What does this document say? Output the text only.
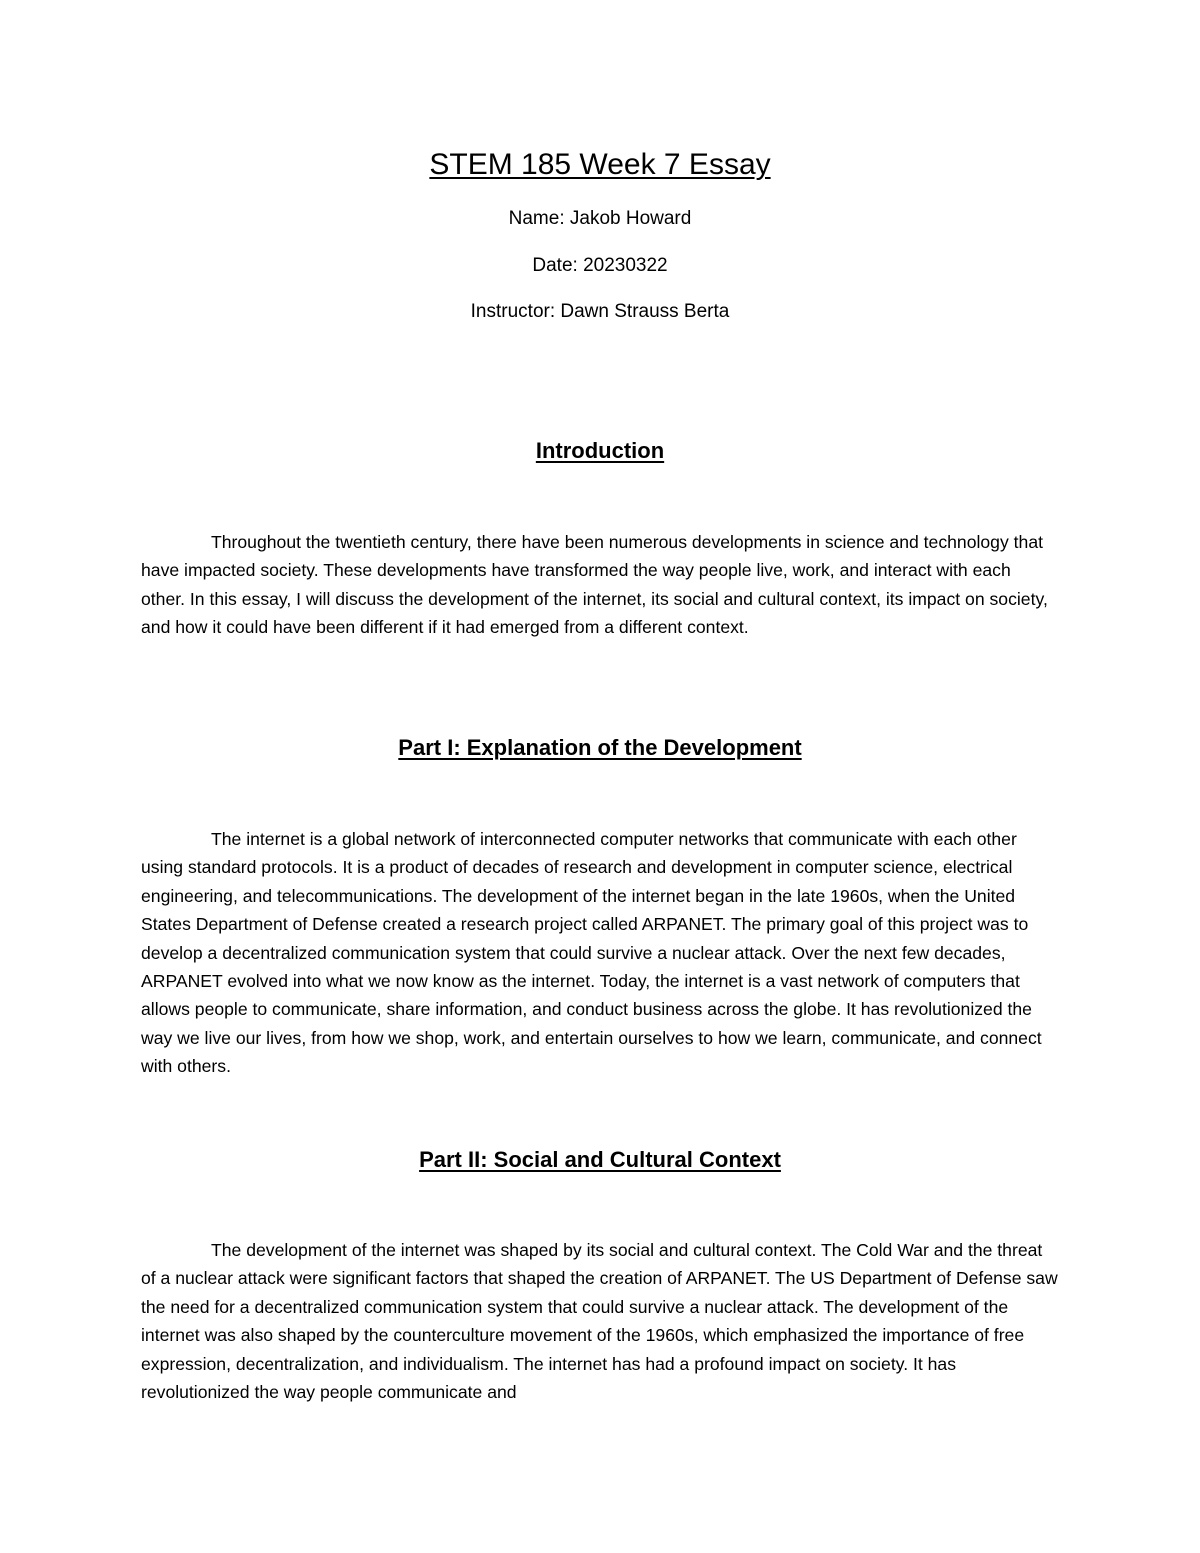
STEM 185 Week 7 Essay

Name: Jakob Howard

Date: 20230322

Instructor: Dawn Strauss Berta

Introduction

Throughout the twentieth century, there have been numerous developments in science and technology that have impacted society. These developments have transformed the way people live, work, and interact with each other. In this essay, I will discuss the development of the internet, its social and cultural context, its impact on society, and how it could have been different if it had emerged from a different context.

Part I: Explanation of the Development

The internet is a global network of interconnected computer networks that communicate with each other using standard protocols. It is a product of decades of research and development in computer science, electrical engineering, and telecommunications. The development of the internet began in the late 1960s, when the United States Department of Defense created a research project called ARPANET. The primary goal of this project was to develop a decentralized communication system that could survive a nuclear attack. Over the next few decades, ARPANET evolved into what we now know as the internet. Today, the internet is a vast network of computers that allows people to communicate, share information, and conduct business across the globe. It has revolutionized the way we live our lives, from how we shop, work, and entertain ourselves to how we learn, communicate, and connect with others.

Part II: Social and Cultural Context

The development of the internet was shaped by its social and cultural context. The Cold War and the threat of a nuclear attack were significant factors that shaped the creation of ARPANET. The US Department of Defense saw the need for a decentralized communication system that could survive a nuclear attack. The development of the internet was also shaped by the counterculture movement of the 1960s, which emphasized the importance of free expression, decentralization, and individualism. The internet has had a profound impact on society. It has revolutionized the way people communicate and
